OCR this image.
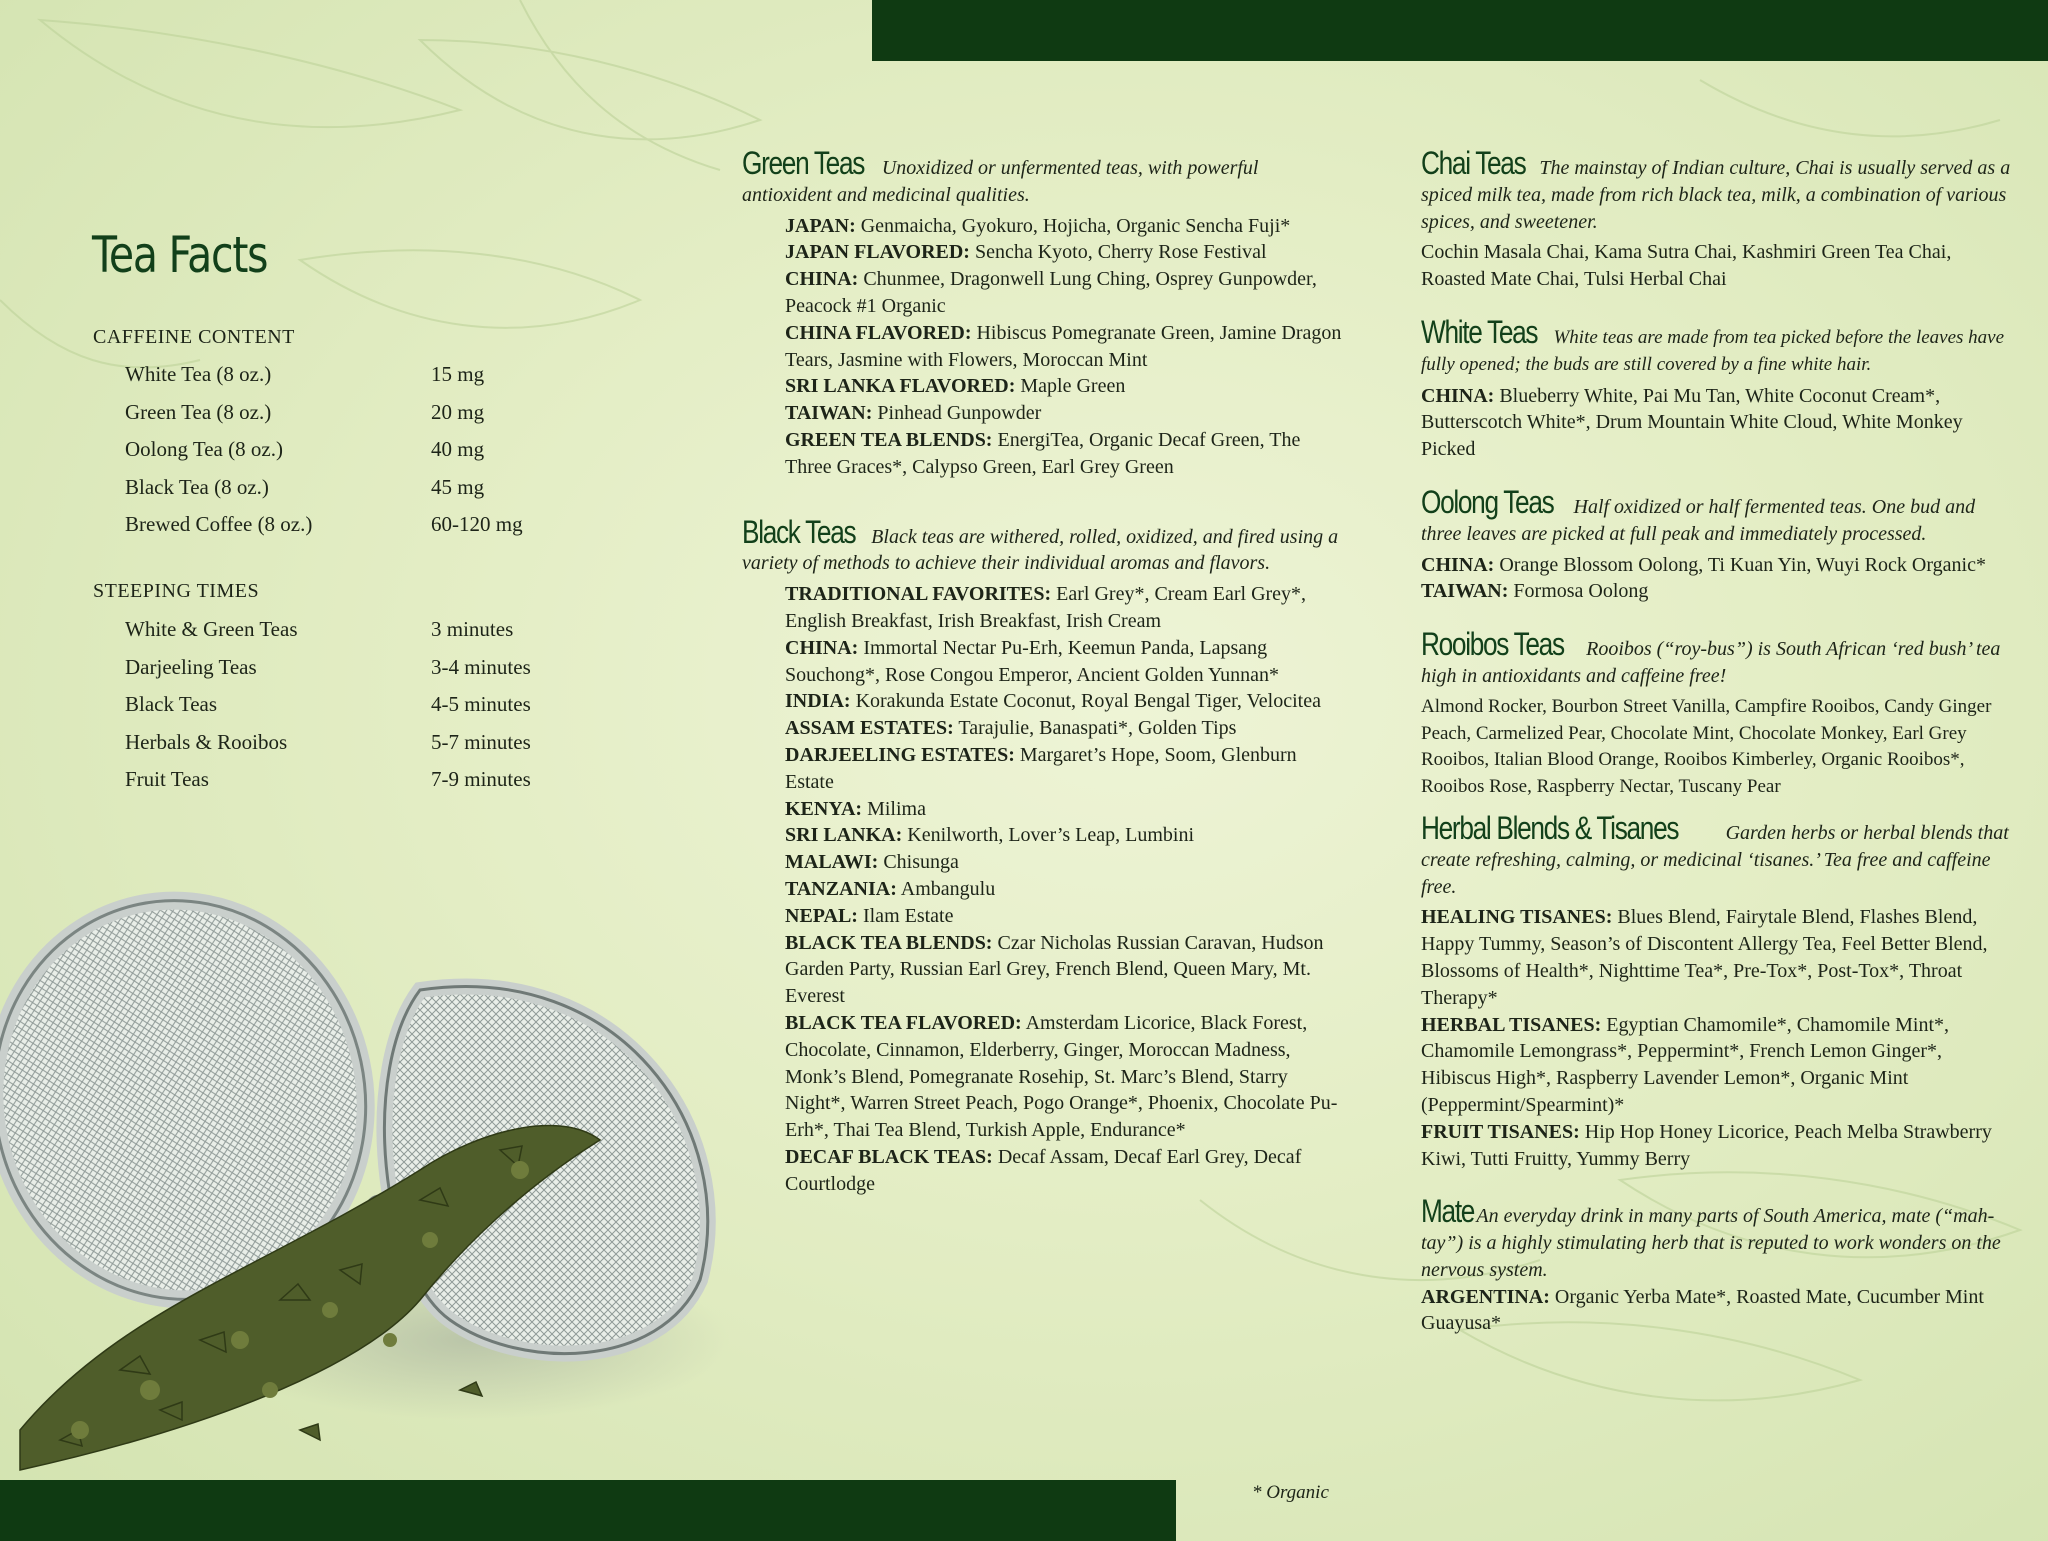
Tea Facts
CAFFEINE CONTENT
White Tea (8 oz.)	15 mg
Green Tea (8 oz.)	20 mg
Oolong Tea (8 oz.)	40 mg
Black Tea (8 oz.)	45 mg
Brewed Coffee (8 oz.)	60-120 mg
STEEPING TIMES
White & Green Teas	3 minutes
Darjeeling Teas	3-4 minutes
Black Teas	4-5 minutes
Herbals & Rooibos	5-7 minutes
Fruit Teas	7-9 minutes

Green Teas Unoxidized or unfermented teas, with powerful antioxident and medicinal qualities.

JAPAN: Genmaicha, Gyokuro, Hojicha, Organic Sencha Fuji*

JAPAN FLAVORED: Sencha Kyoto, Cherry Rose Festival

CHINA: Chunmee, Dragonwell Lung Ching, Osprey Gunpowder, Peacock #1 Organic

CHINA FLAVORED: Hibiscus Pomegranate Green, Jamine Dragon Tears, Jasmine with Flowers, Moroccan Mint

SRI LANKA FLAVORED: Maple Green

TAIWAN: Pinhead Gunpowder

GREEN TEA BLENDS: EnergiTea, Organic Decaf Green, The Three Graces*, Calypso Green, Earl Grey Green

Black Teas Black teas are withered, rolled, oxidized, and fired using a variety of methods to achieve their individual aromas and flavors.

TRADITIONAL FAVORITES: Earl Grey*, Cream Earl Grey*, English Breakfast, Irish Breakfast, Irish Cream

CHINA: Immortal Nectar Pu-Erh, Keemun Panda, Lapsang Souchong*, Rose Congou Emperor, Ancient Golden Yunnan*

INDIA: Korakunda Estate Coconut, Royal Bengal Tiger, Velocitea

ASSAM ESTATES: Tarajulie, Banaspati*, Golden Tips

DARJEELING ESTATES: Margaret’s Hope, Soom, Glenburn Estate

KENYA: Milima

SRI LANKA: Kenilworth, Lover’s Leap, Lumbini

MALAWI: Chisunga

TANZANIA: Ambangulu

NEPAL: Ilam Estate

BLACK TEA BLENDS: Czar Nicholas Russian Caravan, Hudson Garden Party, Russian Earl Grey, French Blend, Queen Mary, Mt. Everest

BLACK TEA FLAVORED: Amsterdam Licorice, Black Forest, Chocolate, Cinnamon, Elderberry, Ginger, Moroccan Madness, Monk’s Blend, Pomegranate Rosehip, St. Marc’s Blend, Starry Night*, Warren Street Peach, Pogo Orange*, Phoenix, Chocolate Pu-Erh*, Thai Tea Blend, Turkish Apple, Endurance*

DECAF BLACK TEAS: Decaf Assam, Decaf Earl Grey, Decaf Courtlodge

Chai Teas The mainstay of Indian culture, Chai is usually served as a spiced milk tea, made from rich black tea, milk, a combination of various spices, and sweetener.

Cochin Masala Chai, Kama Sutra Chai, Kashmiri Green Tea Chai, Roasted Mate Chai, Tulsi Herbal Chai

White Teas White teas are made from tea picked before the leaves have fully opened; the buds are still covered by a fine white hair.

CHINA: Blueberry White, Pai Mu Tan, White Coconut Cream*, Butterscotch White*, Drum Mountain White Cloud, White Monkey Picked

Oolong Teas Half oxidized or half fermented teas. One bud and three leaves are picked at full peak and immediately processed.

CHINA: Orange Blossom Oolong, Ti Kuan Yin, Wuyi Rock Organic*

TAIWAN: Formosa Oolong

Rooibos Teas Rooibos (“roy-bus”) is South African ‘red bush’ tea high in antioxidants and caffeine free!

Almond Rocker, Bourbon Street Vanilla, Campfire Rooibos, Candy Ginger Peach, Carmelized Pear, Chocolate Mint, Chocolate Monkey, Earl Grey Rooibos, Italian Blood Orange, Rooibos Kimberley, Organic Rooibos*, Rooibos Rose, Raspberry Nectar, Tuscany Pear

Herbal Blends & Tisanes Garden herbs or herbal blends that create refreshing, calming, or medicinal ‘tisanes.’ Tea free and caffeine free.

HEALING TISANES: Blues Blend, Fairytale Blend, Flashes Blend, Happy Tummy, Season’s of Discontent Allergy Tea, Feel Better Blend, Blossoms of Health*, Nighttime Tea*, Pre-Tox*, Post-Tox*, Throat Therapy*

HERBAL TISANES: Egyptian Chamomile*, Chamomile Mint*, Chamomile Lemongrass*, Peppermint*, French Lemon Ginger*, Hibiscus High*, Raspberry Lavender Lemon*, Organic Mint (Peppermint/Spearmint)*

FRUIT TISANES: Hip Hop Honey Licorice, Peach Melba Strawberry Kiwi, Tutti Fruitty, Yummy Berry

Mate An everyday drink in many parts of South America, mate (“mah-tay”) is a highly stimulating herb that is reputed to work wonders on the nervous system.

ARGENTINA: Organic Yerba Mate*, Roasted Mate, Cucumber Mint Guayusa*

* Organic
